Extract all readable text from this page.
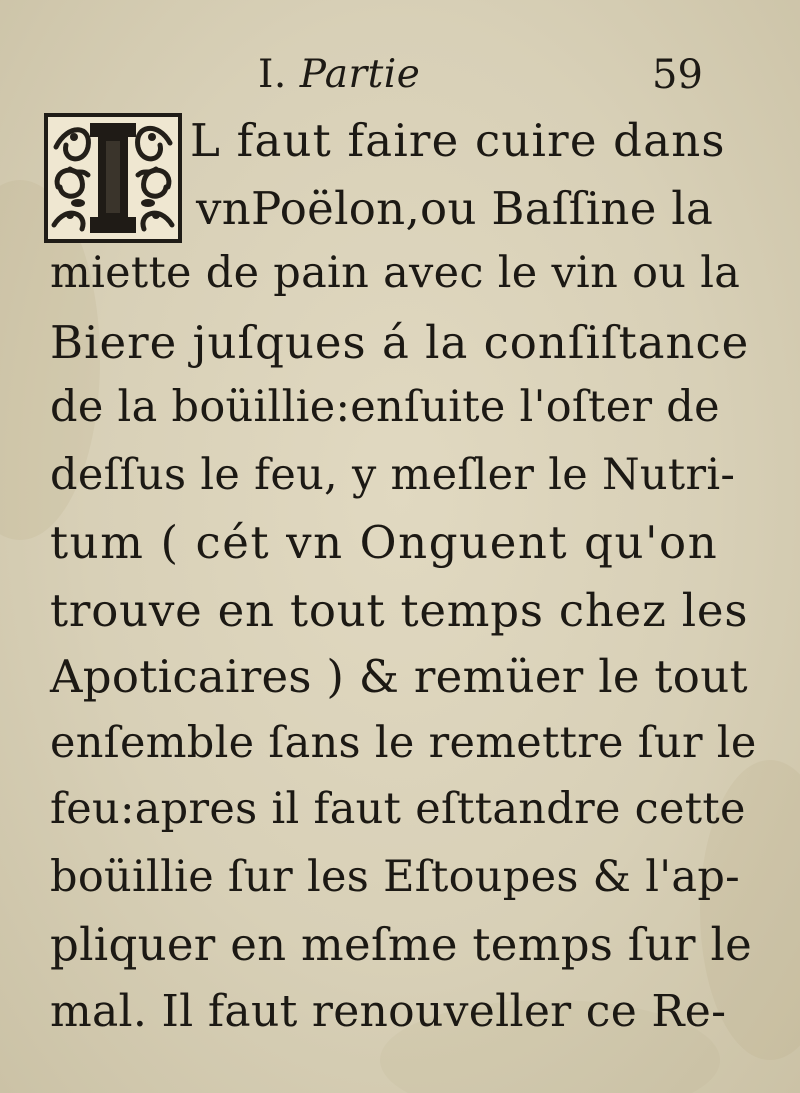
I. Partie	59
L faut faire cuire dans
vnPoëlon,ou Baſſine la
miette de pain avec le vin ou la
Biere juſques á la conſiſtance
de la boüillie:enſuite l'oſter de
deſſus le feu, y meſler le Nutri-
tum ( cét vn Onguent qu'on
trouve en tout temps chez les
Apoticaires ) & remüer le tout
enſemble ſans le remettre ſur le
feu:apres il faut eſttandre cette
boüillie ſur les Eſtoupes & l'ap-
pliquer en meſme temps ſur le
mal. Il faut renouveller ce Re-
